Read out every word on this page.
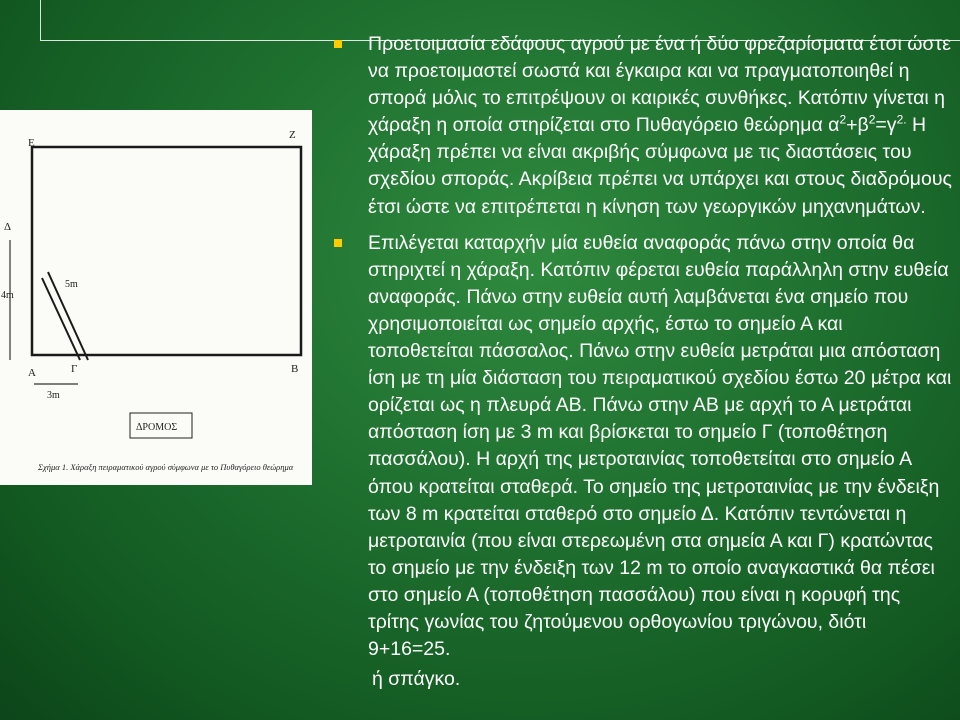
Ε
Ζ
Δ
4m
5m
Α	Γ	Β
3m
ΔΡΟΜΟΣ
Σχήμα 1. Χάραξη πειραματικού αγρού σύμφωνα με το Πυθαγόρειο θεώρημα
Προετοιμασία εδάφους αγρού με ένα ή δύο φρεζαρίσματα έτσι ώστε να προετοιμαστεί σωστά και έγκαιρα και να πραγματοποιηθεί η σπορά μόλις το επιτρέψουν οι καιρικές συνθήκες. Κατόπιν γίνεται η χάραξη η οποία στηρίζεται στο Πυθαγόρειο θεώρημα $\alpha^2+\beta^2=\gamma^{2.}$ Η χάραξη πρέπει να είναι ακριβής σύμφωνα με τις διαστάσεις του σχεδίου σποράς. Ακρίβεια πρέπει να υπάρχει και στους διαδρόμους έτσι ώστε να επιτρέπεται η κίνηση των γεωργικών μηχανημάτων.
Επιλέγεται καταρχήν μία ευθεία αναφοράς πάνω στην οποία θα στηριχτεί η χάραξη. Κατόπιν φέρεται ευθεία παράλληλη στην ευθεία αναφοράς. Πάνω στην ευθεία αυτή λαμβάνεται ένα σημείο που χρησιμοποιείται ως σημείο αρχής, έστω το σημείο Α και τοποθετείται πάσσαλος. Πάνω στην ευθεία μετράται μια απόσταση ίση με τη μία διάσταση του πειραματικού σχεδίου έστω 20 μέτρα και ορίζεται ως η πλευρά ΑΒ. Πάνω στην ΑΒ με αρχή το Α μετράται απόσταση ίση με 3 m και βρίσκεται το σημείο Γ (τοποθέτηση πασσάλου). Η αρχή της μετροταινίας τοποθετείται στο σημείο Α όπου κρατείται σταθερά. Το σημείο της μετροταινίας με την ένδειξη των 8 m κρατείται σταθερό στο σημείο Δ. Κατόπιν τεντώνεται η μετροταινία (που είναι στερεωμένη στα σημεία Α και Γ) κρατώντας το σημείο με την ένδειξη των 12 m το οποίο αναγκαστικά θα πέσει στο σημείο Α (τοποθέτηση πασσάλου) που είναι η κορυφή της τρίτης γωνίας του ζητούμενου ορθογωνίου τριγώνου, διότι 9+16=25.
ή σπάγκο.
